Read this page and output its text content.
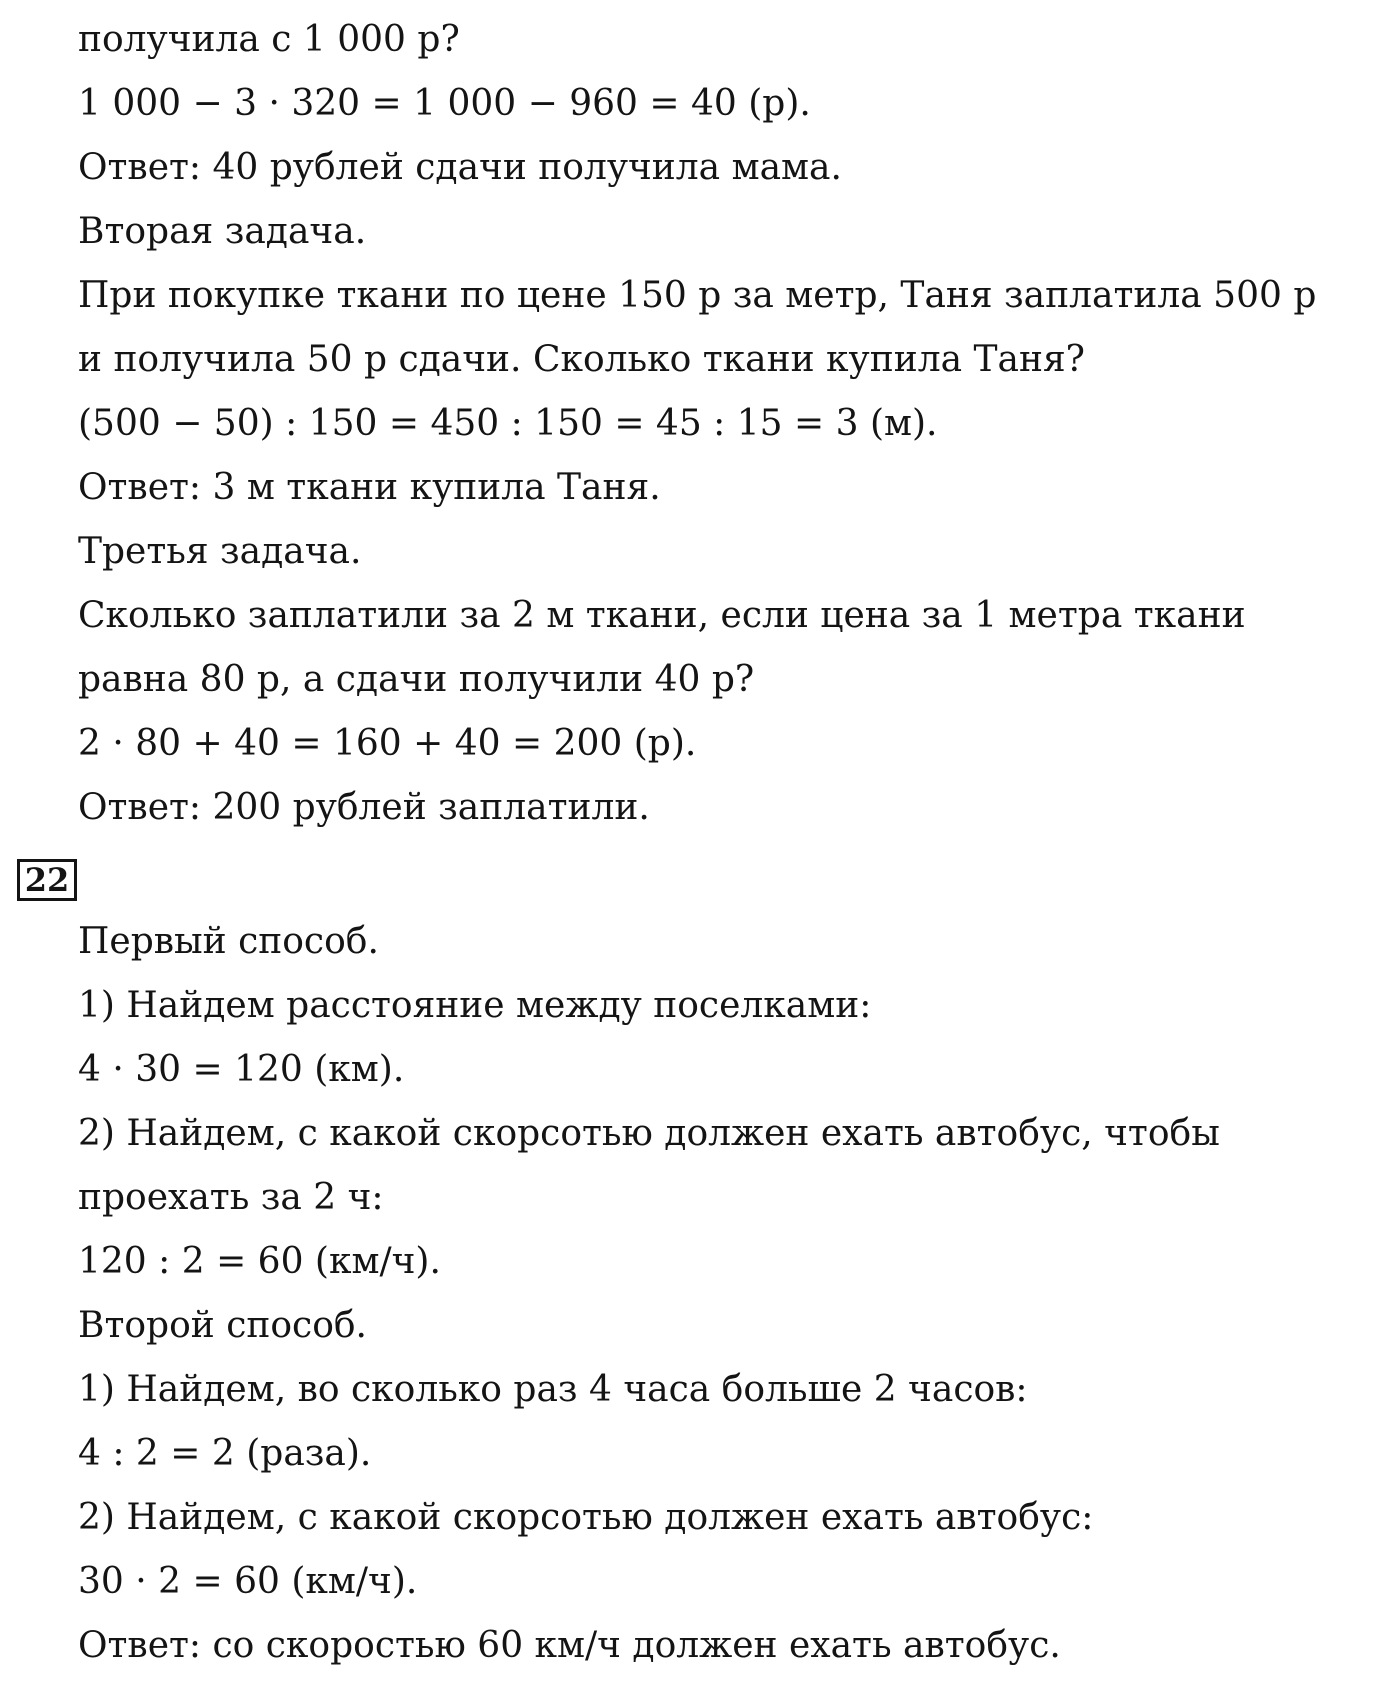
получила с 1 000 р?
1 000 − 3 · 320 = 1 000 − 960 = 40 (р).
Ответ: 40 рублей сдачи получила мама.
Вторая задача.
При покупке ткани по цене 150 р за метр, Таня заплатила 500 р
и получила 50 р сдачи. Сколько ткани купила Таня?
(500 − 50) : 150 = 450 : 150 = 45 : 15 = 3 (м).
Ответ: 3 м ткани купила Таня.
Третья задача.
Сколько заплатили за 2 м ткани, если цена за 1 метра ткани
равна 80 р, а сдачи получили 40 р?
2 · 80 + 40 = 160 + 40 = 200 (р).
Ответ: 200 рублей заплатили.
22
Первый способ.
1) Найдем расстояние между поселками:
4 · 30 = 120 (км).
2) Найдем, с какой скорсотью должен ехать автобус, чтобы
проехать за 2 ч:
120 : 2 = 60 (км/ч).
Второй способ.
1) Найдем, во сколько раз 4 часа больше 2 часов:
4 : 2 = 2 (раза).
2) Найдем, с какой скорсотью должен ехать автобус:
30 · 2 = 60 (км/ч).
Ответ: со скоростью 60 км/ч должен ехать автобус.
